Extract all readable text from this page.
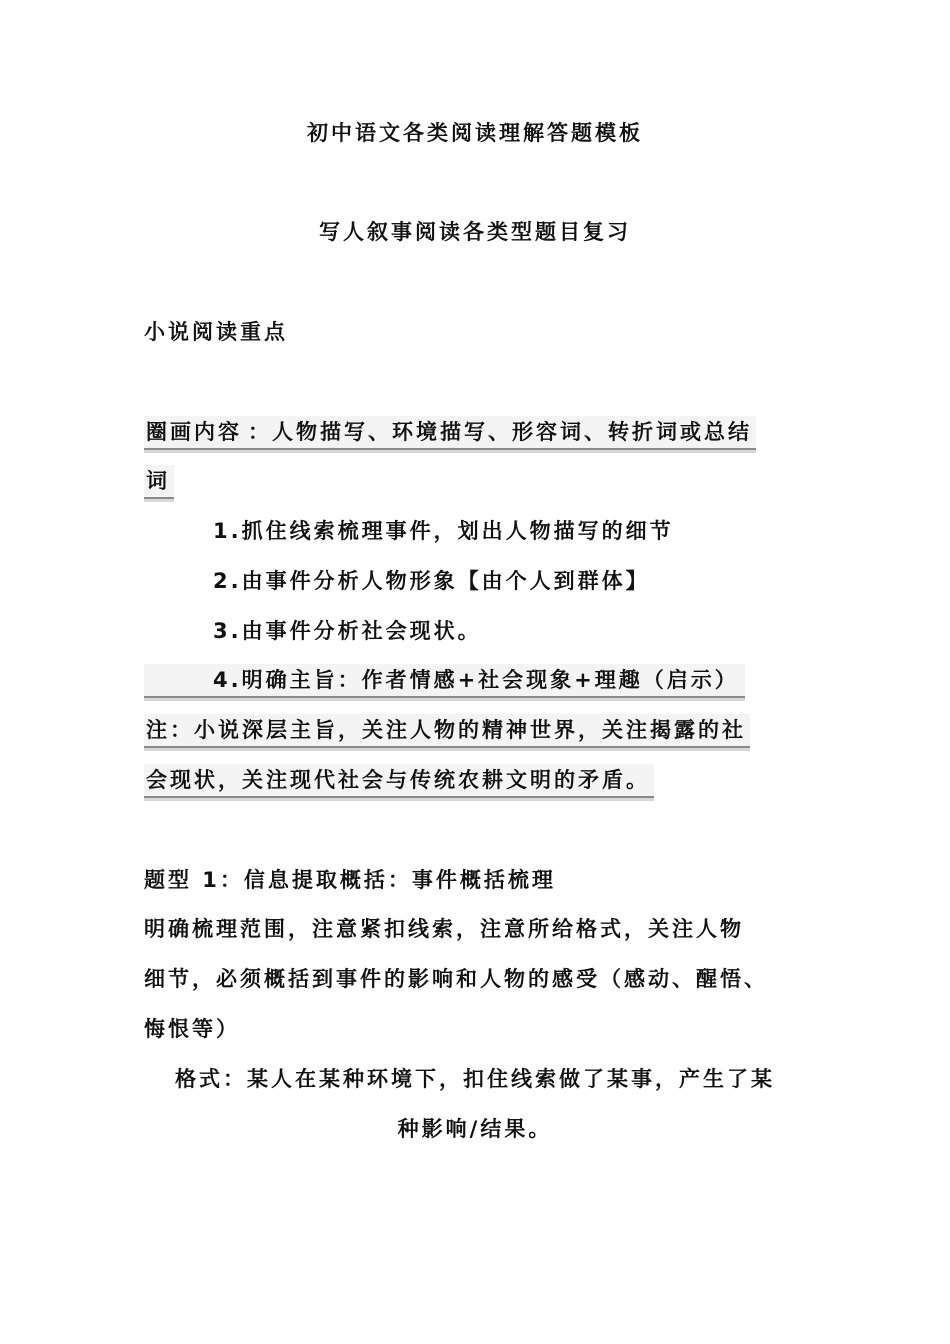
初中语文各类阅读理解答题模板
写人叙事阅读各类型题目复习
小说阅读重点
圈画内容 ：人物描写、环境描写、形容词、转折词或总结
词
1.抓住线索梳理事件，划出人物描写的细节
2.由事件分析人物形象【由个人到群体】
3.由事件分析社会现状。
4.明确主旨：作者情感+社会现象+理趣（启示）
注：小说深层主旨，关注人物的精神世界，关注揭露的社
会现状，关注现代社会与传统农耕文明的矛盾。
题型 1：信息提取概括：事件概括梳理
明确梳理范围，注意紧扣线索，注意所给格式，关注人物
细节，必须概括到事件的影响和人物的感受（感动、醒悟、
悔恨等）
格式：某人在某种环境下，扣住线索做了某事，产生了某
种影响/结果。
